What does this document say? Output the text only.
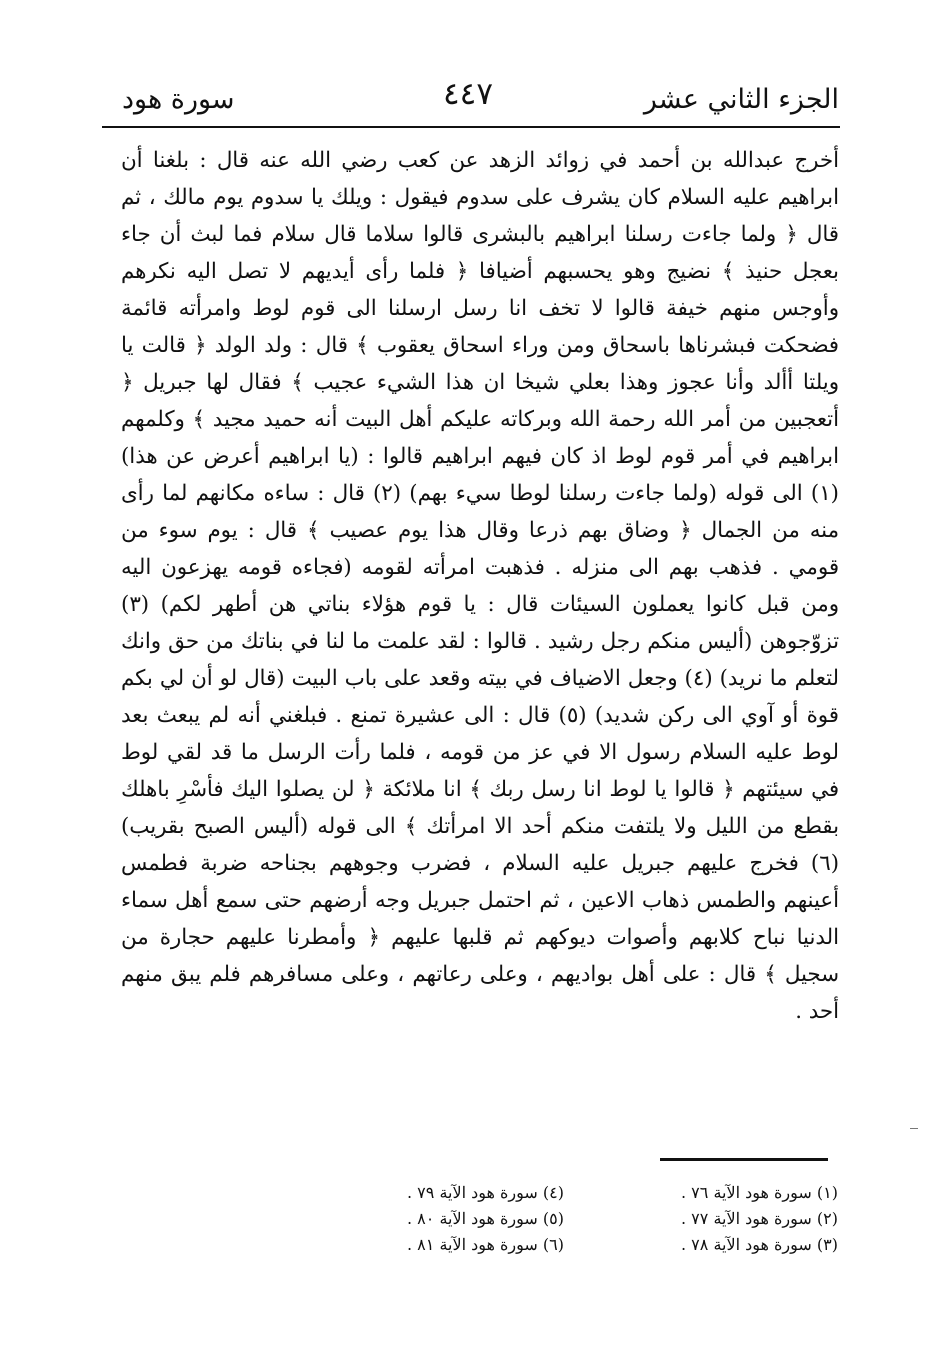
الجزء الثاني عشر
٤٤٧
سورة هود

أخرج عبدالله بن أحمد في زوائد الزهد عن كعب رضي الله عنه قال : بلغنا أن ابراهيم عليه السلام كان يشرف على سدوم فيقول : ويلك يا سدوم يوم مالك ، ثم قال ﴿ ولما جاءت رسلنا ابراهيم بالبشرى قالوا سلاما قال سلام فما لبث أن جاء بعجل حنيذ ﴾ نضيج وهو يحسبهم أضيافا ﴿ فلما رأى أيديهم لا تصل اليه نكرهم وأوجس منهم خيفة قالوا لا تخف انا رسل ارسلنا الى قوم لوط وامرأته قائمة فضحكت فبشرناها باسحاق ومن وراء اسحاق يعقوب ﴾ قال : ولد الولد ﴿ قالت يا ويلتا أألد وأنا عجوز وهذا بعلي شيخا ان هذا الشيء عجيب ﴾ فقال لها جبريل ﴿ أتعجبين من أمر الله رحمة الله وبركاته عليكم أهل البيت أنه حميد مجيد ﴾ وكلمهم ابراهيم في أمر قوم لوط اذ كان فيهم ابراهيم قالوا : (يا ابراهيم أعرض عن هذا) (١) الى قوله (ولما جاءت رسلنا لوطا سيء بهم) (٢) قال : ساءه مكانهم لما رأى منه من الجمال ﴿ وضاق بهم ذرعا وقال هذا يوم عصيب ﴾ قال : يوم سوء من قومي . فذهب بهم الى منزله . فذهبت امرأته لقومه (فجاءه قومه يهزعون اليه ومن قبل كانوا يعملون السيئات قال : يا قوم هؤلاء بناتي هن أطهر لكم) (٣) تزوّجوهن (أليس منكم رجل رشيد . قالوا : لقد علمت ما لنا في بناتك من حق وانك لتعلم ما نريد) (٤) وجعل الاضياف في بيته وقعد على باب البيت (قال لو أن لي بكم قوة أو آوي الى ركن شديد) (٥) قال : الى عشيرة تمنع . فبلغني أنه لم يبعث بعد لوط عليه السلام رسول الا في عز من قومه ، فلما رأت الرسل ما قد لقي لوط في سيئتهم ﴿ قالوا يا لوط انا رسل ربك ﴾ انا ملائكة ﴿ لن يصلوا اليك فأسْرِ باهلك بقطع من الليل ولا يلتفت منكم أحد الا امرأتك ﴾ الى قوله (أليس الصبح بقريب) (٦) فخرج عليهم جبريل عليه السلام ، فضرب وجوههم بجناحه ضربة فطمس أعينهم والطمس ذهاب الاعين ، ثم احتمل جبريل وجه أرضهم حتى سمع أهل سماء الدنيا نباح كلابهم وأصوات ديوكهم ثم قلبها عليهم ﴿ وأمطرنا عليهم حجارة من سجيل ﴾ قال : على أهل بواديهم ، وعلى رعاتهم ، وعلى مسافرهم فلم يبق منهم أحد .

(١) سورة هود الآية ٧٦ .
(٢) سورة هود الآية ٧٧ .
(٣) سورة هود الآية ٧٨ .
(٤) سورة هود الآية ٧٩ .
(٥) سورة هود الآية ٨٠ .
(٦) سورة هود الآية ٨١ .
